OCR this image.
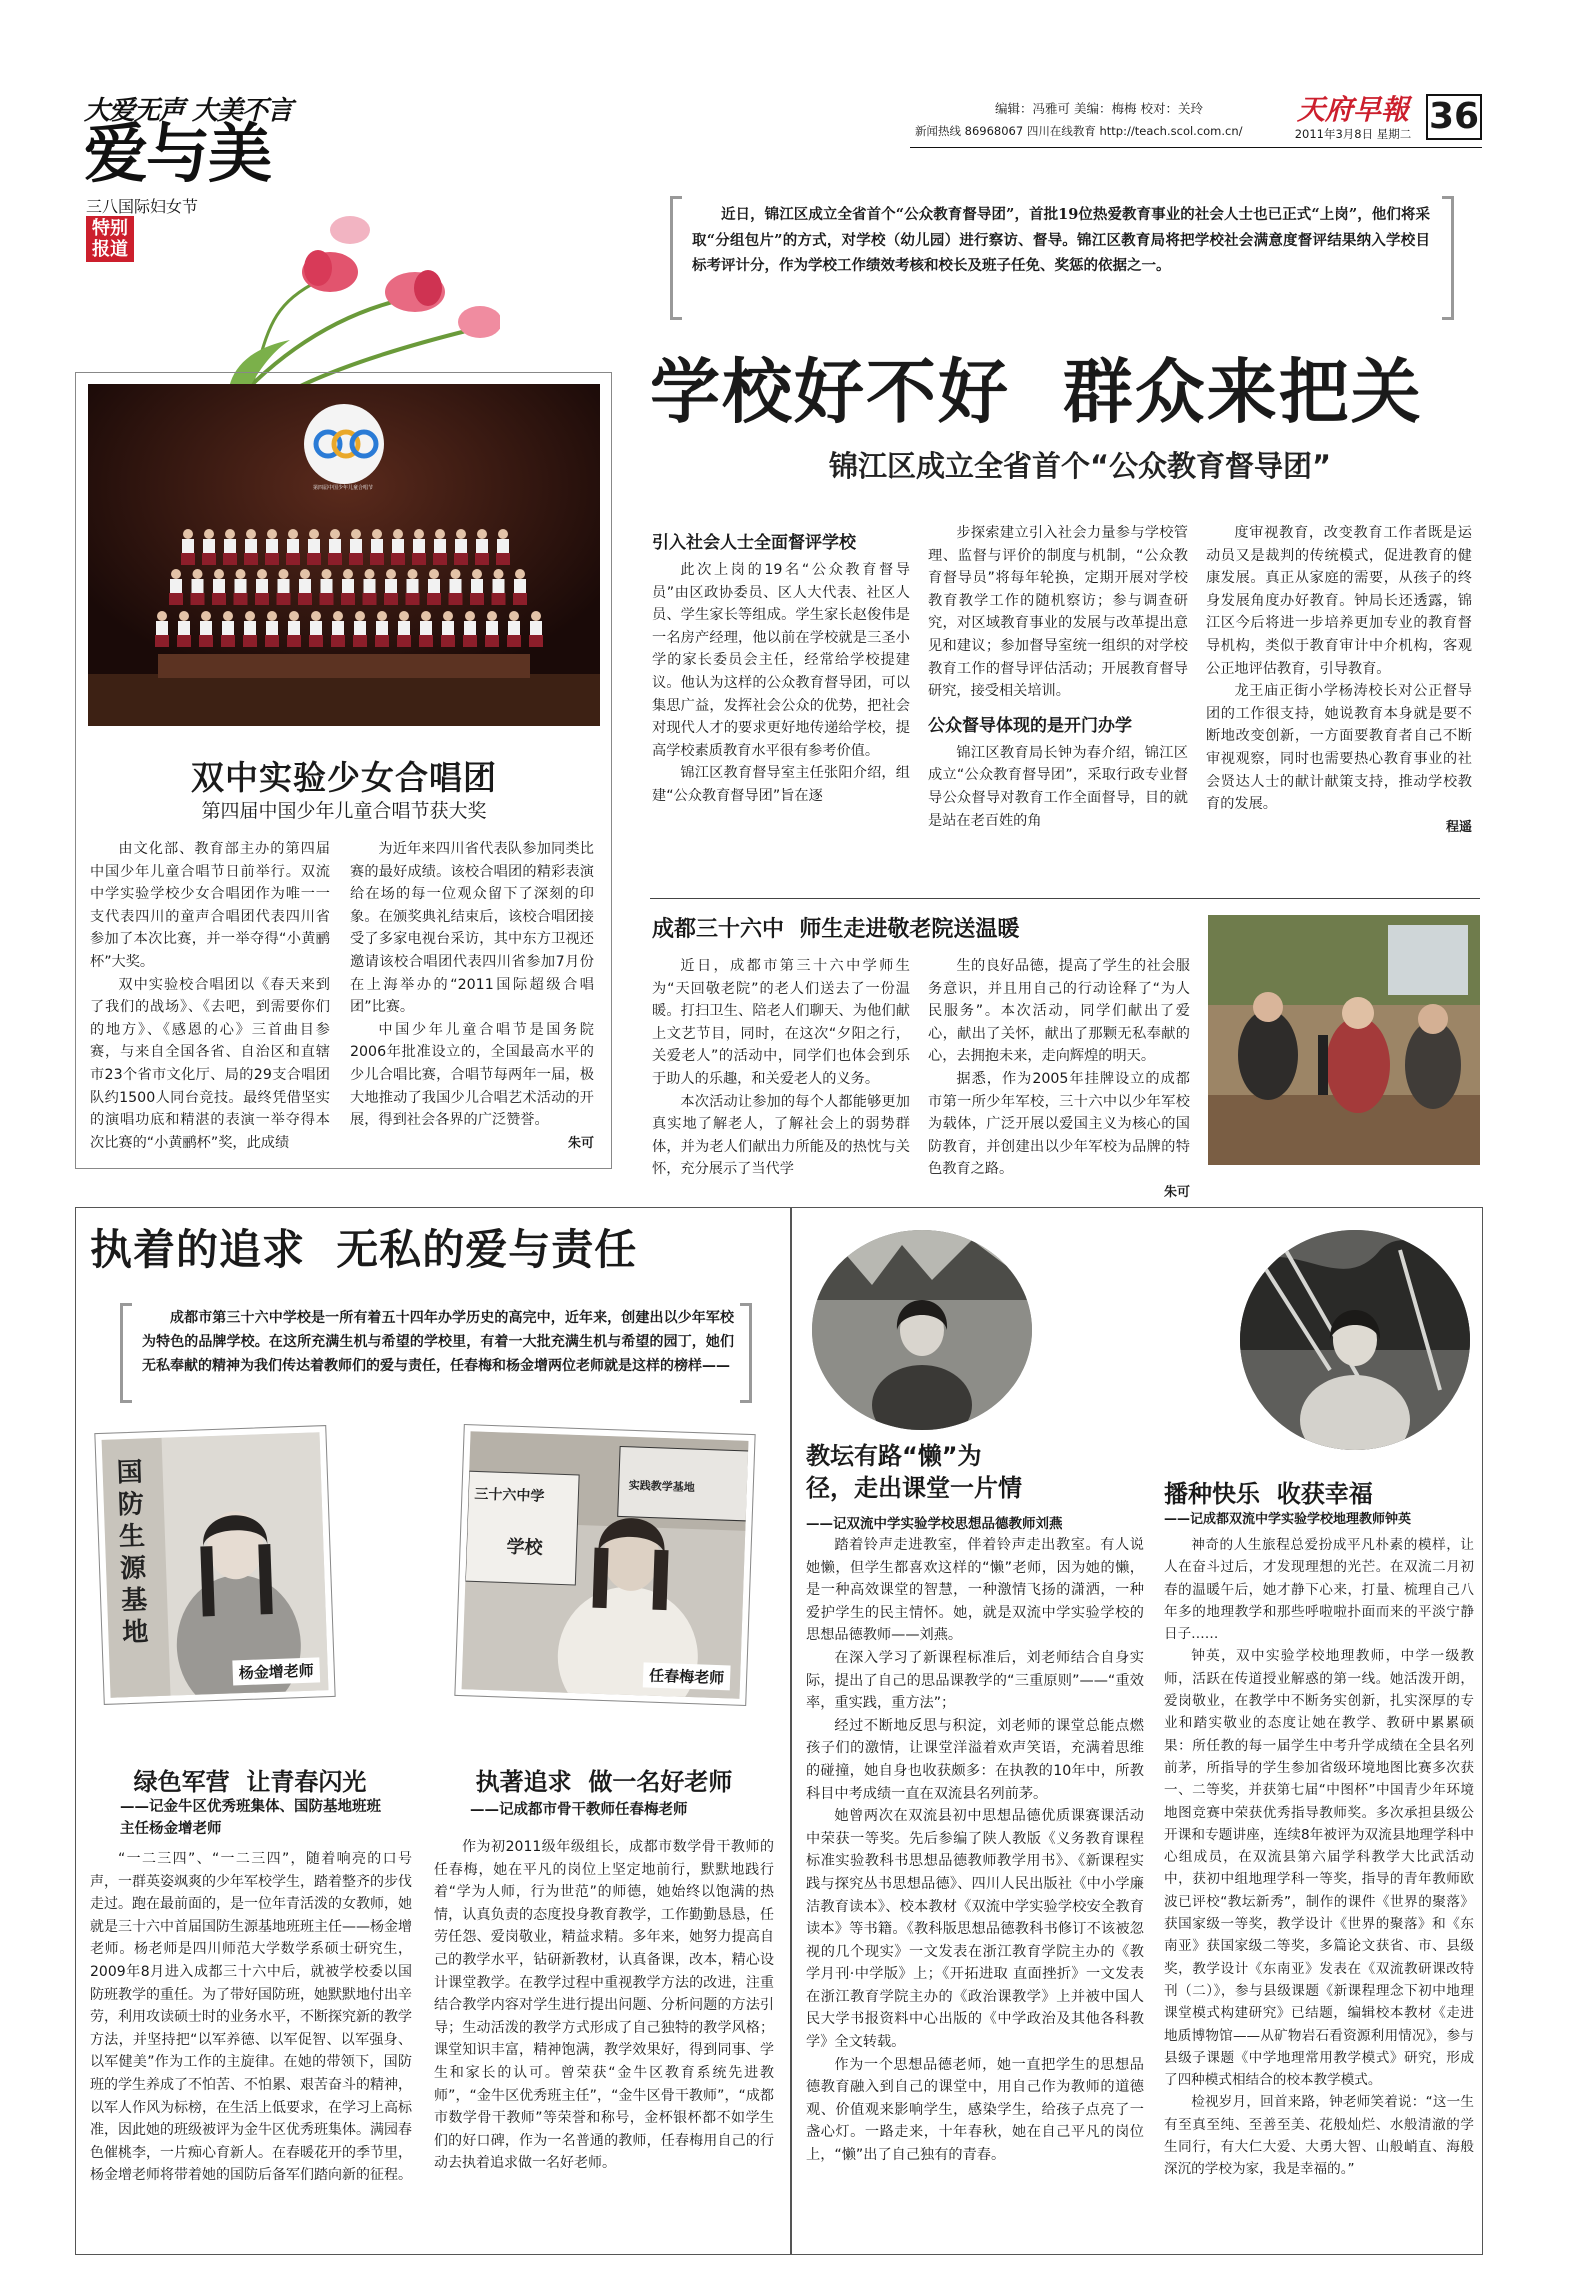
大爱无声 大美不言
爱与美
三八国际妇女节
特别
报道
编辑：冯雅可 美编：梅梅 校对：关玲
新闻热线 86968067 四川在线教育 http://teach.scol.com.cn/
天府早報
2011年3月8日 星期二 36
近日，锦江区成立全省首个“公众教育督导团”，首批19位热爱教育事业的社会人士也已正式“上岗”，他们将采取“分组包片”的方式，对学校（幼儿园）进行察访、督导。锦江区教育局将把学校社会满意度督评结果纳入学校目标考评计分，作为学校工作绩效考核和校长及班子任免、奖惩的依据之一。
第四届中国少年儿童合唱节
双中实验少女合唱团
第四届中国少年儿童合唱节获大奖
由文化部、教育部主办的第四届中国少年儿童合唱节日前举行。双流中学实验学校少女合唱团作为唯一一支代表四川的童声合唱团代表四川省参加了本次比赛，并一举夺得“小黄鹂杯”大奖。
双中实验校合唱团以《春天来到了我们的战场》、《去吧，到需要你们的地方》、《感恩的心》三首曲目参赛，与来自全国各省、自治区和直辖市23个省市文化厅、局的29支合唱团队约1500人同台竞技。最终凭借坚实的演唱功底和精湛的表演一举夺得本次比赛的“小黄鹂杯”奖，此成绩
为近年来四川省代表队参加同类比赛的最好成绩。该校合唱团的精彩表演给在场的每一位观众留下了深刻的印象。在颁奖典礼结束后，该校合唱团接受了多家电视台采访，其中东方卫视还邀请该校合唱团代表四川省参加7月份在上海举办的“2011国际超级合唱团”比赛。
中国少年儿童合唱节是国务院2006年批准设立的，全国最高水平的少儿合唱比赛，合唱节每两年一届，极大地推动了我国少儿合唱艺术活动的开展，得到社会各界的广泛赞誉。
朱可
学校好不好  群众来把关
锦江区成立全省首个“公众教育督导团”
引入社会人士全面督评学校
此次上岗的19名“公众教育督导员”由区政协委员、区人大代表、社区人员、学生家长等组成。学生家长赵俊伟是一名房产经理，他以前在学校就是三圣小学的家长委员会主任，经常给学校提建议。他认为这样的公众教育督导团，可以集思广益，发挥社会公众的优势，把社会对现代人才的要求更好地传递给学校，提高学校素质教育水平很有参考价值。
锦江区教育督导室主任张阳介绍，组建“公众教育督导团”旨在逐
步探索建立引入社会力量参与学校管理、监督与评价的制度与机制，“公众教育督导员”将每年轮换，定期开展对学校教育教学工作的随机察访；参与调查研究，对区域教育事业的发展与改革提出意见和建议；参加督导室统一组织的对学校教育工作的督导评估活动；开展教育督导研究，接受相关培训。
公众督导体现的是开门办学
锦江区教育局长钟为春介绍，锦江区成立“公众教育督导团”，采取行政专业督导公众督导对教育工作全面督导，目的就是站在老百姓的角
度审视教育，改变教育工作者既是运动员又是裁判的传统模式，促进教育的健康发展。真正从家庭的需要，从孩子的终身发展角度办好教育。钟局长还透露，锦江区今后将进一步培养更加专业的教育督导机构，类似于教育审计中介机构，客观公正地评估教育，引导教育。
龙王庙正街小学杨涛校长对公正督导团的工作很支持，她说教育本身就是要不断地改变创新，一方面要教育者自己不断审视观察，同时也需要热心教育事业的社会贤达人士的献计献策支持，推动学校教育的发展。
程遥
成都三十六中  师生走进敬老院送温暖
近日，成都市第三十六中学师生为“天回敬老院”的老人们送去了一份温暖。打扫卫生、陪老人们聊天、为他们献上文艺节目，同时，在这次“夕阳之行，关爱老人”的活动中，同学们也体会到乐于助人的乐趣，和关爱老人的义务。
本次活动让参加的每个人都能够更加真实地了解老人，了解社会上的弱势群体，并为老人们献出力所能及的热忱与关怀，充分展示了当代学
生的良好品德，提高了学生的社会服务意识，并且用自己的行动诠释了“为人民服务”。本次活动，同学们献出了爱心，献出了关怀，献出了那颗无私奉献的心，去拥抱未来，走向辉煌的明天。
据悉，作为2005年挂牌设立的成都市第一所少年军校，三十六中以少年军校为载体，广泛开展以爱国主义为核心的国防教育，并创建出以少年军校为品牌的特色教育之路。
朱可
执着的追求  无私的爱与责任
成都市第三十六中学校是一所有着五十四年办学历史的高完中，近年来，创建出以少年军校为特色的品牌学校。在这所充满生机与希望的学校里，有着一大批充满生机与希望的园丁，她们无私奉献的精神为我们传达着教师们的爱与责任，任春梅和杨金增两位老师就是这样的榜样——
国防生源基地
杨金增老师
三十六中学	实践教学基地
学校
任春梅老师
绿色军营  让青春闪光
——记金牛区优秀班集体、国防基地班班主任杨金增老师
“一二三四”、“一二三四”，随着响亮的口号声，一群英姿飒爽的少年军校学生，踏着整齐的步伐走过。跑在最前面的，是一位年青活泼的女教师，她就是三十六中首届国防生源基地班班主任——杨金增老师。杨老师是四川师范大学数学系硕士研究生，2009年8月进入成都三十六中后，就被学校委以国防班教学的重任。为了带好国防班，她默默地付出辛劳，利用攻读硕士时的业务水平，不断探究新的教学方法，并坚持把“以军养德、以军促智、以军强身、以军健美”作为工作的主旋律。在她的带领下，国防班的学生养成了不怕苦、不怕累、艰苦奋斗的精神，以军人作风为标榜，在生活上低要求，在学习上高标准，因此她的班级被评为金牛区优秀班集体。满园春色催桃李，一片痴心育新人。在春暖花开的季节里，杨金增老师将带着她的国防后备军们踏向新的征程。
执著追求  做一名好老师
——记成都市骨干教师任春梅老师
作为初2011级年级组长，成都市数学骨干教师的任春梅，她在平凡的岗位上坚定地前行，默默地践行着“学为人师，行为世范”的师德，她始终以饱满的热情，认真负责的态度投身教育教学，工作勤勤恳恳，任劳任怨、爱岗敬业，精益求精。多年来，她努力提高自己的教学水平，钻研新教材，认真备课，改本，精心设计课堂教学。在教学过程中重视教学方法的改进，注重结合教学内容对学生进行提出问题、分析问题的方法引导；生动活泼的教学方式形成了自己独特的教学风格；课堂知识丰富，精神饱满，教学效果好，得到同事、学生和家长的认可。曾荣获“金牛区教育系统先进教师”，“金牛区优秀班主任”，“金牛区骨干教师”，“成都市数学骨干教师”等荣誉和称号，金杯银杯都不如学生们的好口碑，作为一名普通的教师，任春梅用自己的行动去执着追求做一名好老师。
教坛有路“懒”为径，走出课堂一片情
——记双流中学实验学校思想品德教师刘燕
踏着铃声走进教室，伴着铃声走出教室。有人说她懒，但学生都喜欢这样的“懒”老师，因为她的懒，是一种高效课堂的智慧，一种激情飞扬的潇洒，一种爱护学生的民主情怀。她，就是双流中学实验学校的思想品德教师——刘燕。
在深入学习了新课程标准后，刘老师结合自身实际，提出了自己的思品课教学的“三重原则”——“重效率，重实践，重方法”；
经过不断地反思与积淀，刘老师的课堂总能点燃孩子们的激情，让课堂洋溢着欢声笑语，充满着思维的碰撞，她自身也收获颇多：在执教的10年中，所教科目中考成绩一直在双流县名列前茅。
她曾两次在双流县初中思想品德优质课赛课活动中荣获一等奖。先后参编了陕人教版《义务教育课程标准实验教科书思想品德教师教学用书》、《新课程实践与探究丛书思想品德》、四川人民出版社《中小学廉洁教育读本》、校本教材《双流中学实验学校安全教育读本》等书籍。《教科版思想品德教科书修订不该被忽视的几个现实》一文发表在浙江教育学院主办的《教学月刊·中学版》上；《开拓进取 直面挫折》一文发表在浙江教育学院主办的《政治课教学》上并被中国人民大学书报资料中心出版的《中学政治及其他各科教学》全文转载。
作为一个思想品德老师，她一直把学生的思想品德教育融入到自己的课堂中，用自己作为教师的道德观、价值观来影响学生，感染学生，给孩子点亮了一盏心灯。一路走来，十年春秋，她在自己平凡的岗位上，“懒”出了自己独有的青春。
播种快乐  收获幸福
——记成都双流中学实验学校地理教师钟英
神奇的人生旅程总爱扮成平凡朴素的模样，让人在奋斗过后，才发现理想的光芒。在双流二月初春的温暖午后，她才静下心来，打量、梳理自己八年多的地理教学和那些呼啦啦扑面而来的平淡宁静日子……
钟英，双中实验学校地理教师，中学一级教师，活跃在传道授业解惑的第一线。她活泼开朗，爱岗敬业，在教学中不断务实创新，扎实深厚的专业和踏实敬业的态度让她在教学、教研中累累硕果：所任教的每一届学生中考升学成绩在全县名列前茅，所指导的学生参加省级环境地图比赛多次获一、二等奖，并获第七届“中图杯”中国青少年环境地图竞赛中荣获优秀指导教师奖。多次承担县级公开课和专题讲座，连续8年被评为双流县地理学科中心组成员，在双流县第六届学科教学大比武活动中，获初中组地理学科一等奖，指导的青年教师欧波已评校“教坛新秀”，制作的课件《世界的聚落》获国家级一等奖，教学设计《世界的聚落》和《东南亚》获国家级二等奖，多篇论文获省、市、县级奖，教学设计《东南亚》发表在《双流教研课改特刊（二）》，参与县级课题《新课程理念下初中地理课堂模式构建研究》已结题，编辑校本教材《走进地质博物馆——从矿物岩石看资源利用情况》，参与县级子课题《中学地理常用教学模式》研究，形成了四种模式相结合的校本教学模式。
检视岁月，回首来路，钟老师笑着说：“这一生有至真至纯、至善至美、花般灿烂、水般清澈的学生同行，有大仁大爱、大勇大智、山般峭直、海般深沉的学校为家，我是幸福的。”
